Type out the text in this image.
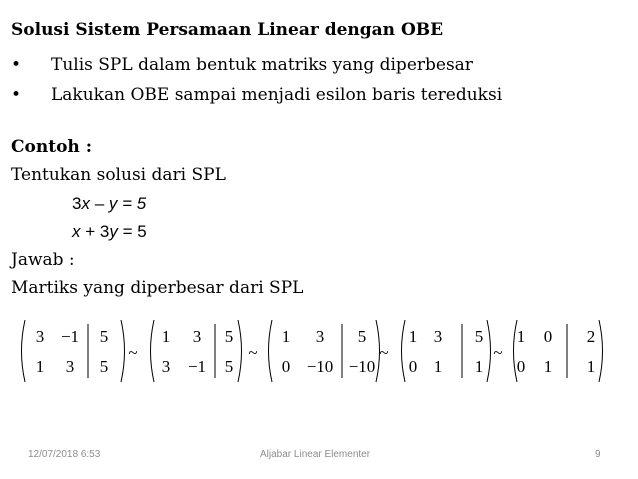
Solusi Sistem Persamaan Linear dengan OBE
• Tulis SPL dalam bentuk matriks yang diperbesar
• Lakukan OBE sampai menjadi esilon baris tereduksi
Contoh :
Tentukan solusi dari SPL
3x – y = 5
x + 3y = 5
Jawab :
Martiks yang diperbesar dari SPL
3 −1 5
1 3 5
~
1 3 5
3 −1 5
~
1 3 5
0 −10 −10
~
1 3 5
0 1 1
~
1 0 2
0 1 1
12/07/2018 6:53	Aljabar Linear Elementer	9
